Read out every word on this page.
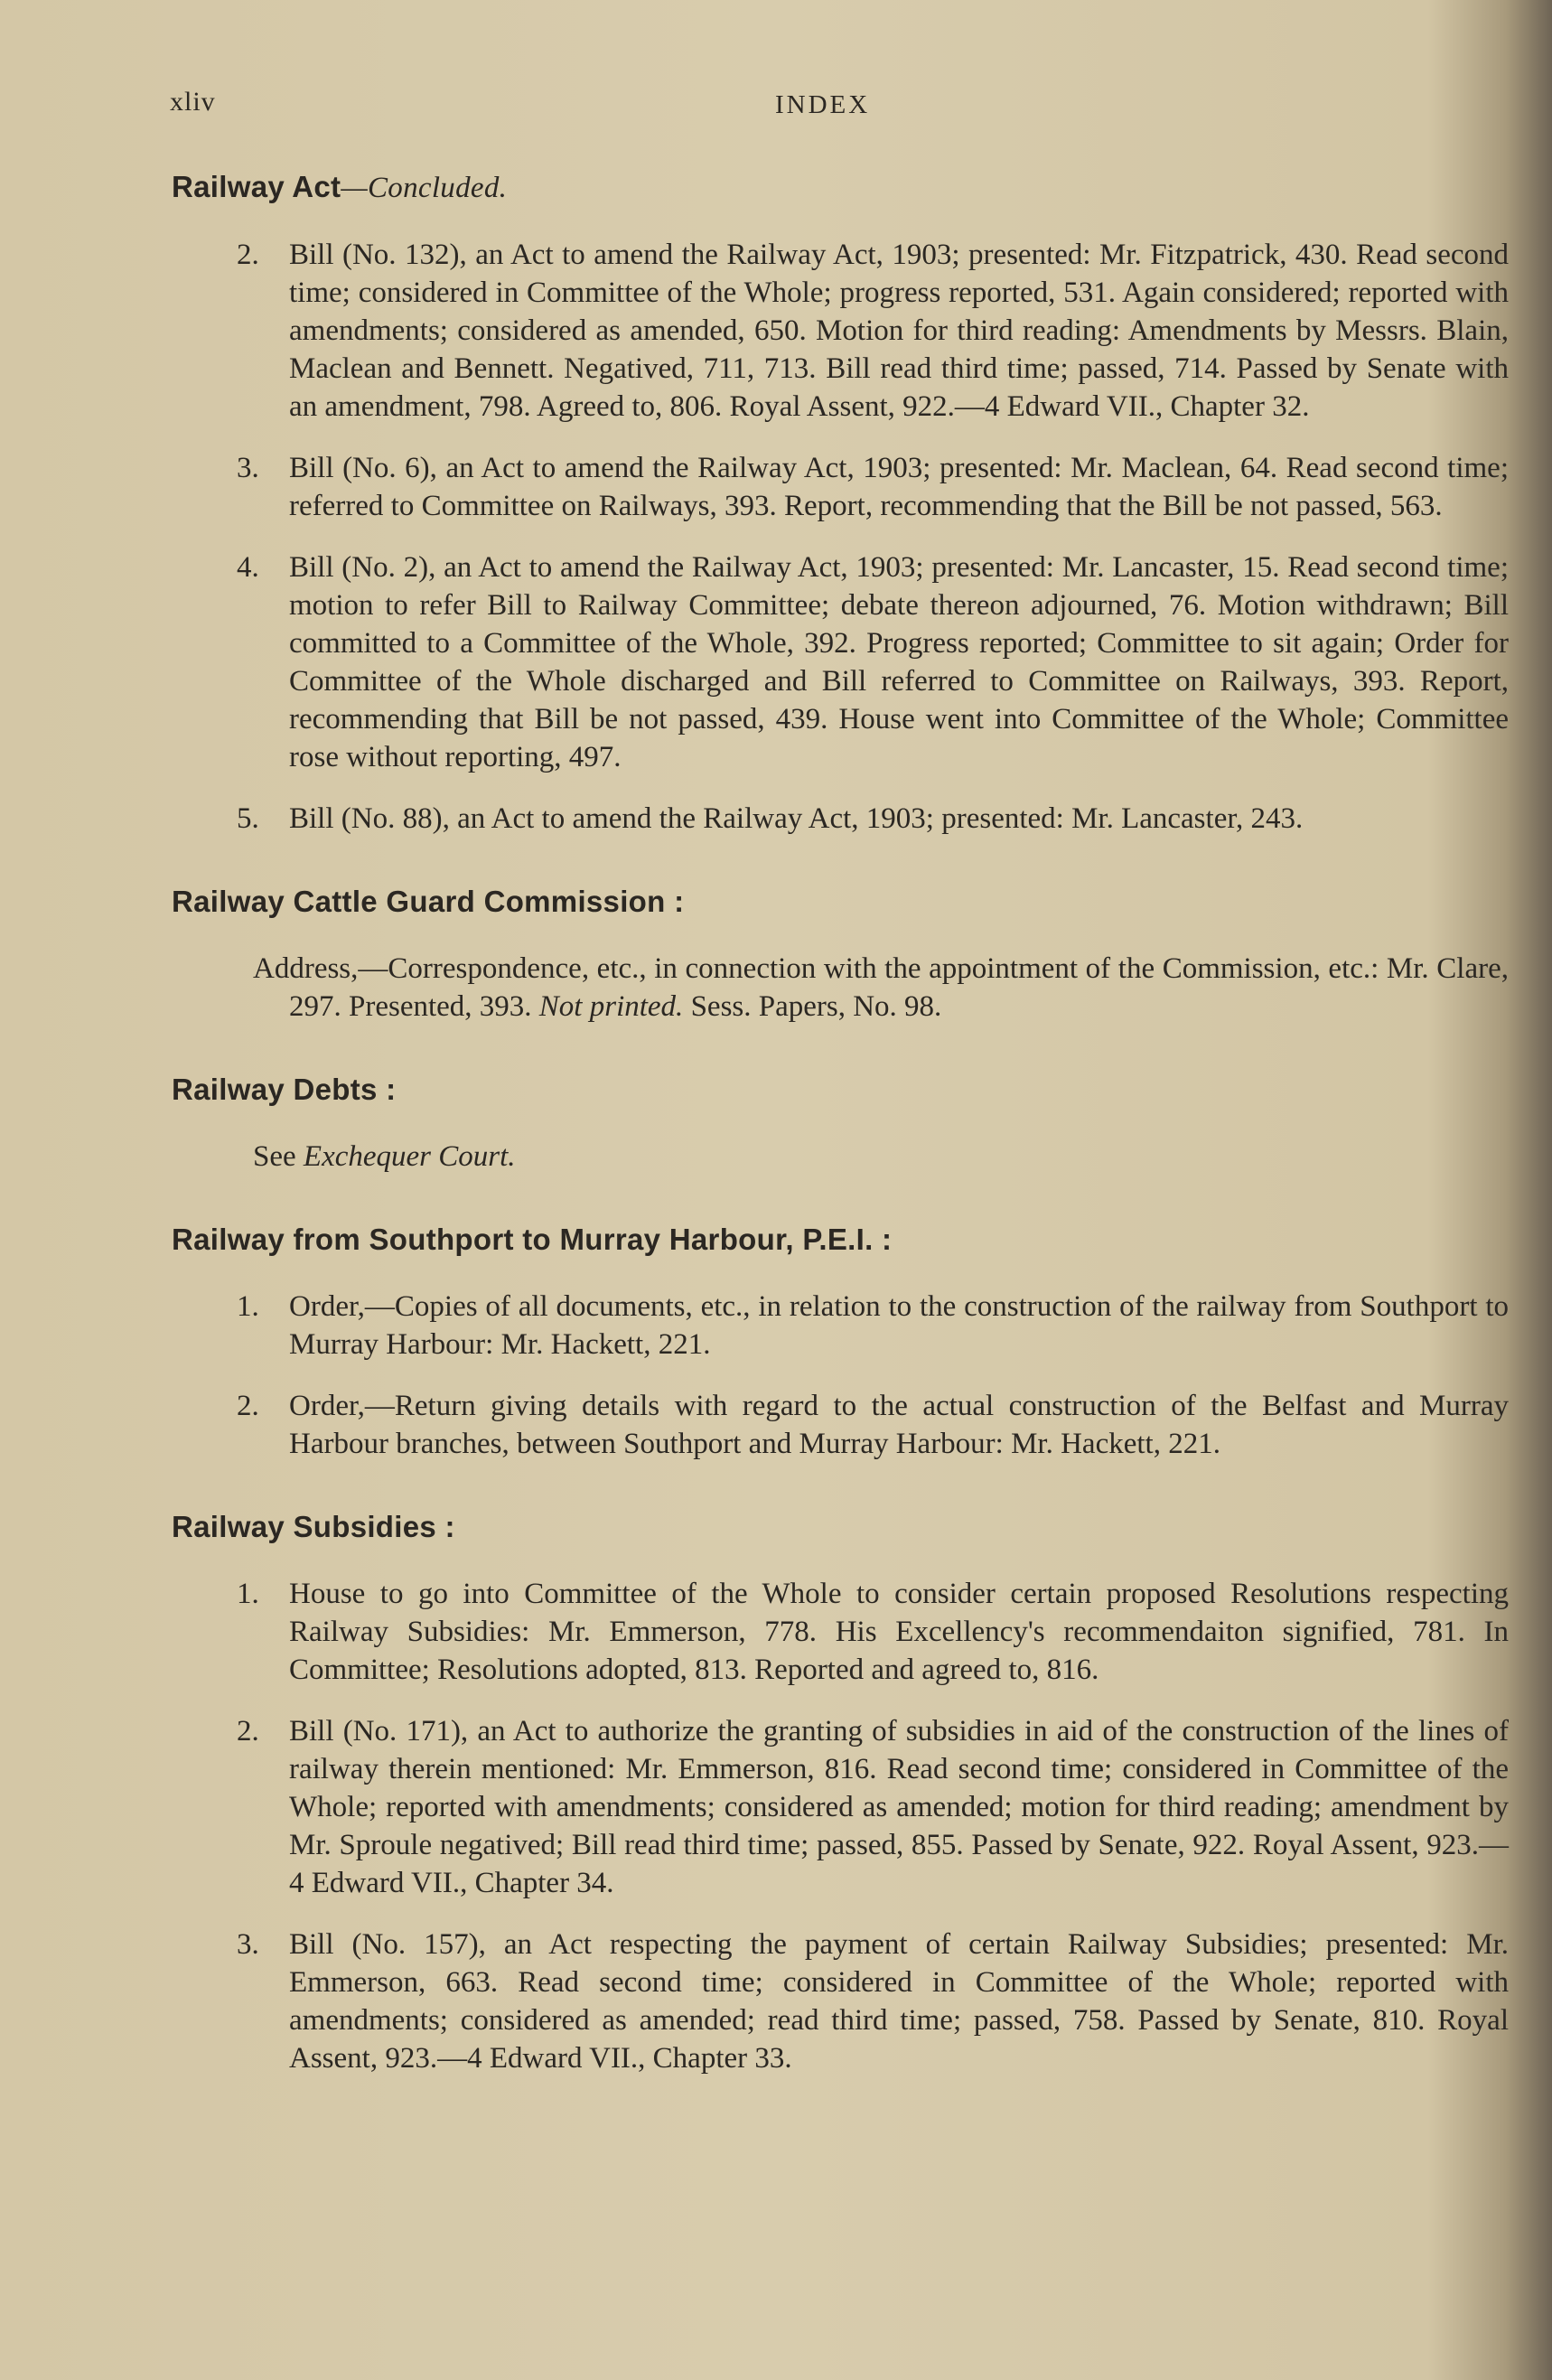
xliv	INDEX
Railway Act—Concluded.
2. Bill (No. 132), an Act to amend the Railway Act, 1903; presented: Mr. Fitzpatrick, 430. Read second time; considered in Committee of the Whole; progress reported, 531. Again considered; reported with amendments; considered as amended, 650. Motion for third reading: Amendments by Messrs. Blain, Maclean and Bennett. Negatived, 711, 713. Bill read third time; passed, 714. Passed by Senate with an amendment, 798. Agreed to, 806. Royal Assent, 922.—4 Edward VII., Chapter 32.
3. Bill (No. 6), an Act to amend the Railway Act, 1903; presented: Mr. Maclean, 64. Read second time; referred to Committee on Railways, 393. Report, recommending that the Bill be not passed, 563.
4. Bill (No. 2), an Act to amend the Railway Act, 1903; presented: Mr. Lancaster, 15. Read second time; motion to refer Bill to Railway Committee; debate thereon adjourned, 76. Motion withdrawn; Bill committed to a Committee of the Whole, 392. Progress reported; Committee to sit again; Order for Committee of the Whole discharged and Bill referred to Committee on Railways, 393. Report, recommending that Bill be not passed, 439. House went into Committee of the Whole; Committee rose without reporting, 497.
5. Bill (No. 88), an Act to amend the Railway Act, 1903; presented: Mr. Lancaster, 243.
Railway Cattle Guard Commission :

Address,—Correspondence, etc., in connection with the appointment of the Commission, etc.: Mr. Clare, 297. Presented, 393. Not printed. Sess. Papers, No. 98.

Railway Debts :

See Exchequer Court.

Railway from Southport to Murray Harbour, P.E.I. :
1. Order,—Copies of all documents, etc., in relation to the construction of the railway from Southport to Murray Harbour: Mr. Hackett, 221.
2. Order,—Return giving details with regard to the actual construction of the Belfast and Murray Harbour branches, between Southport and Murray Harbour: Mr. Hackett, 221.
Railway Subsidies :
1. House to go into Committee of the Whole to consider certain proposed Resolutions respecting Railway Subsidies: Mr. Emmerson, 778. His Excellency's recommendaiton signified, 781. In Committee; Resolutions adopted, 813. Reported and agreed to, 816.
2. Bill (No. 171), an Act to authorize the granting of subsidies in aid of the construction of the lines of railway therein mentioned: Mr. Emmerson, 816. Read second time; considered in Committee of the Whole; reported with amendments; considered as amended; motion for third reading; amendment by Mr. Sproule negatived; Bill read third time; passed, 855. Passed by Senate, 922. Royal Assent, 923.—4 Edward VII., Chapter 34.
3. Bill (No. 157), an Act respecting the payment of certain Railway Subsidies; presented: Mr. Emmerson, 663. Read second time; considered in Committee of the Whole; reported with amendments; considered as amended; read third time; passed, 758. Passed by Senate, 810. Royal Assent, 923.—4 Edward VII., Chapter 33.
